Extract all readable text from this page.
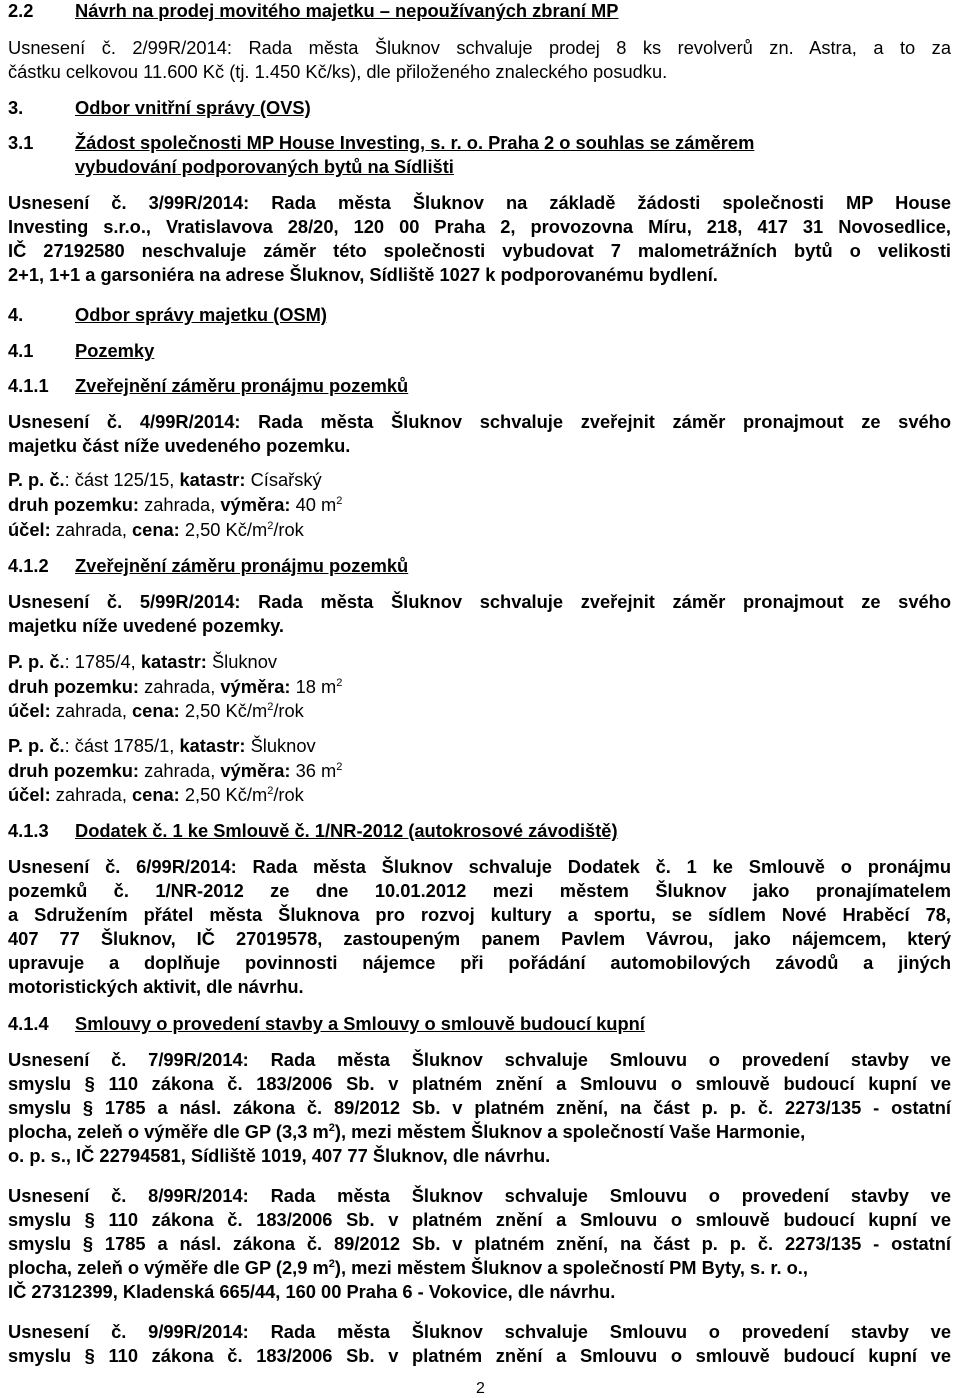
2.2 Návrh na prodej movitého majetku – nepoužívaných zbraní MP
Usnesení č. 2/99R/2014: Rada města Šluknov schvaluje prodej 8 ks revolverů zn. Astra, a to za
částku celkovou 11.600 Kč (tj. 1.450 Kč/ks), dle přiloženého znaleckého posudku.
3.	Odbor vnitřní správy (OVS)
3.1 Žádost společnosti MP House Investing, s. r. o. Praha 2 o souhlas se záměrem
vybudování podporovaných bytů na Sídlišti
Usnesení č. 3/99R/2014: Rada města Šluknov na základě žádosti společnosti MP House
Investing s.r.o., Vratislavova 28/20, 120 00 Praha 2, provozovna Míru, 218, 417 31 Novosedlice,
IČ 27192580 neschvaluje záměr této společnosti vybudovat 7 malometrážních bytů o velikosti
2+1, 1+1 a garsoniéra na adrese Šluknov, Sídliště 1027 k podporovanému bydlení.
4.	Odbor správy majetku (OSM)
4.1 Pozemky
4.1.1 Zveřejnění záměru pronájmu pozemků
Usnesení č. 4/99R/2014: Rada města Šluknov schvaluje zveřejnit záměr pronajmout ze svého
majetku část níže uvedeného pozemku.
P. p. č.: část 125/15, katastr: Císařský
druh pozemku: zahrada, výměra: 40 $m^2$
účel: zahrada, cena: 2,50 $Kč/m^2$/rok
4.1.2 Zveřejnění záměru pronájmu pozemků
Usnesení č. 5/99R/2014: Rada města Šluknov schvaluje zveřejnit záměr pronajmout ze svého
majetku níže uvedené pozemky.
P. p. č.: 1785/4, katastr: Šluknov
druh pozemku: zahrada, výměra: 18 $m^2$
účel: zahrada, cena: 2,50 $Kč/m^2$/rok
P. p. č.: část 1785/1, katastr: Šluknov
druh pozemku: zahrada, výměra: 36 $m^2$
účel: zahrada, cena: 2,50 $Kč/m^2$/rok
4.1.3 Dodatek č. 1 ke Smlouvě č. 1/NR-2012 (autokrosové závodiště)
Usnesení č. 6/99R/2014: Rada města Šluknov schvaluje Dodatek č. 1 ke Smlouvě o pronájmu
pozemků č. 1/NR-2012 ze dne 10.01.2012 mezi městem Šluknov jako pronajímatelem
a Sdružením přátel města Šluknova pro rozvoj kultury a sportu, se sídlem Nové Hraběcí 78,
407 77 Šluknov, IČ 27019578, zastoupeným panem Pavlem Vávrou, jako nájemcem, který
upravuje a doplňuje povinnosti nájemce při pořádání automobilových závodů a jiných
motoristických aktivit, dle návrhu.
4.1.4 Smlouvy o provedení stavby a Smlouvy o smlouvě budoucí kupní
Usnesení č. 7/99R/2014: Rada města Šluknov schvaluje Smlouvu o provedení stavby ve
smyslu § 110 zákona č. 183/2006 Sb. v platném znění a Smlouvu o smlouvě budoucí kupní ve
smyslu § 1785 a násl. zákona č. 89/2012 Sb. v platném znění, na část p. p. č. 2273/135 - ostatní
plocha, zeleň o výměře dle GP (3,3 $m^2$), mezi městem Šluknov a společností Vaše Harmonie,
o. p. s., IČ 22794581, Sídliště 1019, 407 77 Šluknov, dle návrhu.
Usnesení č. 8/99R/2014: Rada města Šluknov schvaluje Smlouvu o provedení stavby ve
smyslu § 110 zákona č. 183/2006 Sb. v platném znění a Smlouvu o smlouvě budoucí kupní ve
smyslu § 1785 a násl. zákona č. 89/2012 Sb. v platném znění, na část p. p. č. 2273/135 - ostatní
plocha, zeleň o výměře dle GP (2,9 $m^2$), mezi městem Šluknov a společností PM Byty, s. r. o.,
IČ 27312399, Kladenská 665/44, 160 00 Praha 6 - Vokovice, dle návrhu.
Usnesení č. 9/99R/2014: Rada města Šluknov schvaluje Smlouvu o provedení stavby ve
smyslu § 110 zákona č. 183/2006 Sb. v platném znění a Smlouvu o smlouvě budoucí kupní ve
2
